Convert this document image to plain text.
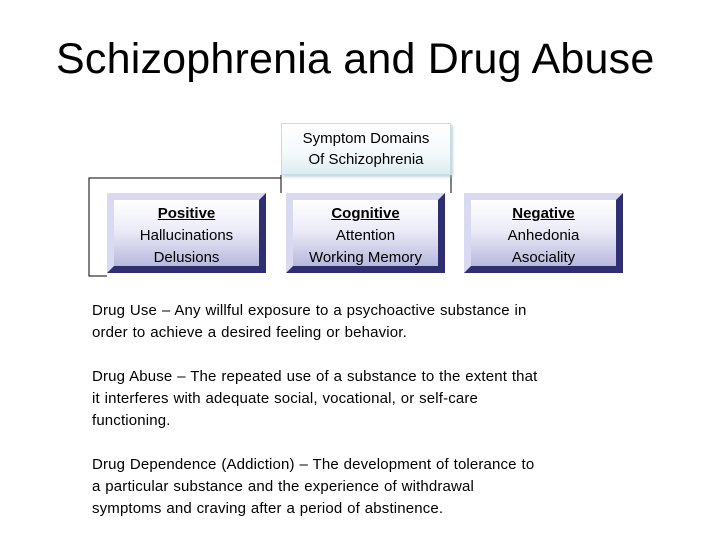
Schizophrenia and Drug Abuse
Symptom Domains
Of Schizophrenia
Positive
Hallucinations
Delusions
Cognitive
Attention
Working Memory
Negative
Anhedonia
Asociality

Drug Use – Any willful exposure to a psychoactive substance in
order to achieve a desired feeling or behavior.

Drug Abuse – The repeated use of a substance to the extent that
it interferes with adequate social, vocational, or self-care
functioning.

Drug Dependence (Addiction) – The development of tolerance to
a particular substance and the experience of withdrawal
symptoms and craving after a period of abstinence.
